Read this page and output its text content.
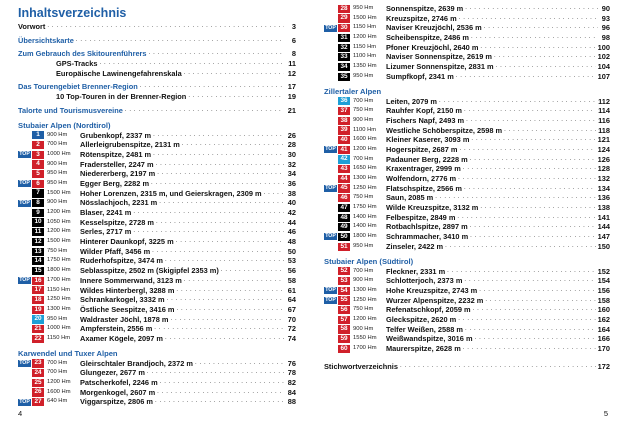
Inhaltsverzeichnis
Vorwort . . .	3
Übersichtskarte . . .	6
Zum Gebrauch des Skitourenführers . . .	8
GPS-Tracks . . .	11
Europäische Lawinengefahrenskala . . .	12
Das Tourengebiet Brenner-Region . . .	17
10 Top-Touren in der Brenner-Region . . .	19
Talorte und Tourismusvereine . . .	21
Stubaier Alpen (Nordtirol)
1	900 Hm	Grubenkopf, 2337 m . . .	26
2	700 Hm	Allerleigrubenspitze, 2131 m . . .	28
TOP	3	1000 Hm	Rötenspitze, 2481 m . . .	30
4	900 Hm	Fradersteller, 2247 m . . .	32
5	950 Hm	Niedererberg, 2197 m . . .	34
TOP	6	950 Hm	Egger Berg, 2282 m . . .	36
7	1500 Hm	Hoher Lorenzen, 2315 m, und Geierskragen, 2309 m . . .	38
TOP	8	900 Hm	Nösslachjoch, 2231 m . . .	40
9	1200 Hm	Blaser, 2241 m . . .	42
10 1050 Hm	Kesselspitze, 2728 m . . .	44
11 1200 Hm	Serles, 2717 m . . .	46
12 1500 Hm	Hinterer Daunkopf, 3225 m . . .	48
13 750 Hm	Wilder Pfaff, 3456 m . . .	50
14 1750 Hm	Ruderhofspitze, 3474 m . . .	53
15 1800 Hm	Seblasspitze, 2502 m (Skigipfel 2353 m) . . .	56
TOP 16 1700 Hm	Innere Sommerwand, 3123 m . . .	58
17 1150 Hm	Wildes Hinterbergl, 3288 m . . .	61
18 1250 Hm	Schrankarkogel, 3332 m . . .	64
19 1300 Hm	Östliche Seespitze, 3416 m . . .	67
20 950 Hm	Waldraster Jöchl, 1878 m . . .	70
21 1000 Hm	Ampferstein, 2556 m . . .	72
22 1150 Hm	Axamer Kögele, 2097 m . . .	74
Karwendel und Tuxer Alpen
TOP 23 700 Hm	Gleirschtaler Brandjoch, 2372 m . . .	76
24 700 Hm	Glungezer, 2677 m . . .	78
25 1200 Hm	Patscherkofel, 2246 m . . .	82
26 1600 Hm	Morgenkogel, 2607 m . . .	84
TOP 27 640 Hm	Viggarspitze, 2806 m . . .	88
4
28 950 Hm	Sonnenspitze, 2639 m . . .	90
29 1500 Hm	Kreuzspitze, 2746 m . . .	93
TOP 30 1150 Hm	Naviser Kreuzjöchl, 2536 m . . .	96
31 1200 Hm	Scheibenspitze, 2486 m . . .	98
32 1150 Hm	Pfoner Kreuzjöchl, 2640 m . . .	100
33 1100 Hm	Naviser Sonnenspitze, 2619 m . . .	102
34 1350 Hm	Lizumer Sonnenspitze, 2831 m . . .	104
35 950 Hm	Sumpfkopf, 2341 m . . .	107
Zillertaler Alpen
36 700 Hm	Leiten, 2079 m . . .	112
37 750 Hm	Rauhfer Kopf, 2150 m . . .	114
38 900 Hm	Fischers Napf, 2493 m . . .	116
39 1100 Hm	Westliche Schöberspitze, 2598 m . . .	118
40 1600 Hm	Kleiner Kaserer, 3093 m . . .	121
TOP 41 1200 Hm	Hogerspitze, 2687 m . . .	124
42 700 Hm	Padauner Berg, 2228 m . . .	126
43 1650 Hm	Kraxentrager, 2999 m . . .	128
44 1300 Hm	Wolfendorn, 2776 m . . .	132
TOP 45 1250 Hm	Flatschspitze, 2566 m . . .	134
46 750 Hm	Saun, 2085 m . . .	136
47 1750 Hm	Wilde Kreuzspitze, 3132 m . . .	138
48 1400 Hm	Felbespitze, 2849 m . . .	141
49 1400 Hm	Rotbachlspitze, 2897 m . . .	144
TOP 50 1800 Hm	Schrammacher, 3410 m . . .	147
51 950 Hm	Zinseler, 2422 m . . .	150
Stubaier Alpen (Südtirol)
52 700 Hm	Fleckner, 2331 m . . .	152
53 900 Hm	Schlotterjoch, 2373 m . . .	154
TOP 54 1300 Hm	Hohe Kreuzspitze, 2743 m . . .	156
TOP 55 1250 Hm	Wurzer Alpenspitze, 2232 m . . .	158
56 750 Hm	Refenatschkopf, 2059 m . . .	160
57 1200 Hm	Gleckspitze, 2620 m . . .	162
58 900 Hm	Telfer Weißen, 2588 m . . .	164
59 1550 Hm	Weißwandspitze, 3016 m . . .	166
60 1700 Hm	Maurerspitze, 2628 m . . .	170
Stichwortverzeichnis . . .	172
5
